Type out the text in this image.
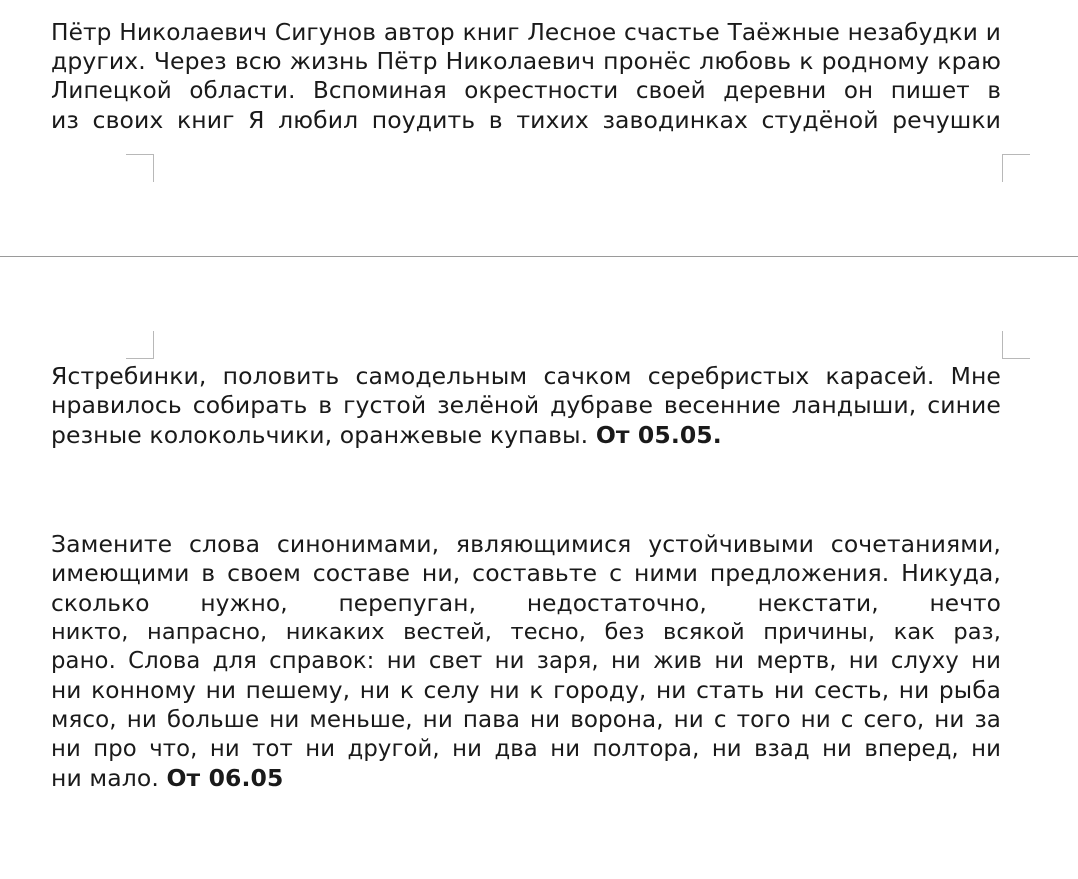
Пётр Николаевич Сигунов автор книг Лесное счастье Таёжные незабудки и
других. Через всю жизнь Пётр Николаевич пронёс любовь к родному краю
Липецкой области. Вспоминая окрестности своей деревни он пишет в
из своих книг Я любил поудить в тихих заводинках студёной речушки
Ястребинки, половить самодельным сачком серебристых карасей. Мне
нравилось собирать в густой зелёной дубраве весенние ландыши, синие
резные колокольчики, оранжевые купавы. От 05.05.
Замените слова синонимами, являющимися устойчивыми сочетаниями,
имеющими в своем составе ни, составьте с ними предложения. Никуда,
сколько нужно, перепуган, недостаточно, некстати, нечто
никто, напрасно, никаких вестей, тесно, без всякой причины, как раз,
рано. Слова для справок: ни свет ни заря, ни жив ни мертв, ни слуху ни
ни конному ни пешему, ни к селу ни к городу, ни стать ни сесть, ни рыба
мясо, ни больше ни меньше, ни пава ни ворона, ни с того ни с сего, ни за
ни про что, ни тот ни другой, ни два ни полтора, ни взад ни вперед, ни
ни мало. От 06.05
